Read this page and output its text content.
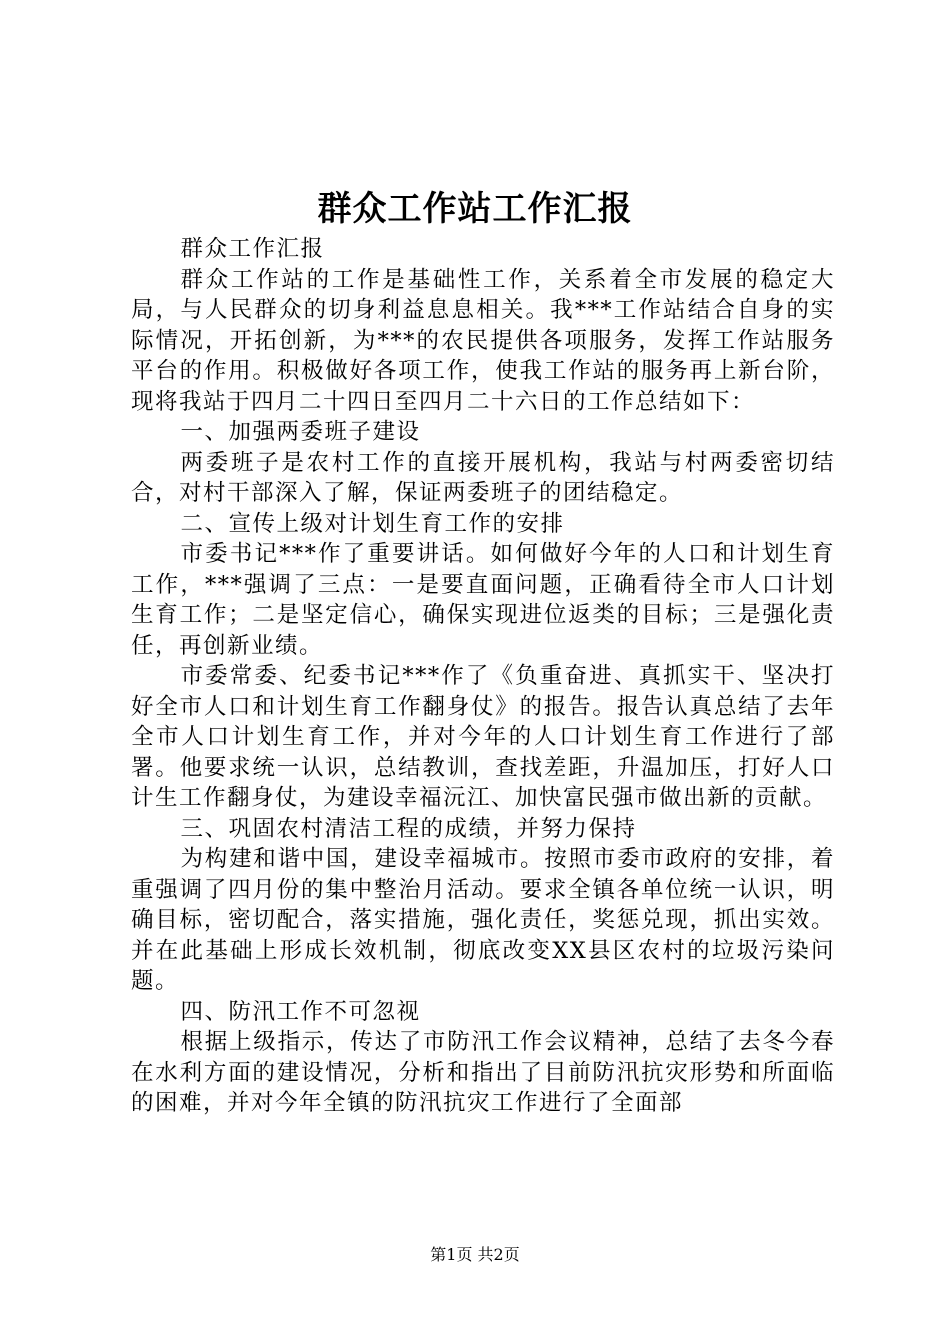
群众工作站工作汇报

群众工作汇报

群众工作站的工作是基础性工作，关系着全市发展的稳定大局，与人民群众的切身利益息息相关。我***工作站结合自身的实际情况，开拓创新，为***的农民提供各项服务，发挥工作站服务平台的作用。积极做好各项工作，使我工作站的服务再上新台阶，现将我站于四月二十四日至四月二十六日的工作总结如下：

一、加强两委班子建设

两委班子是农村工作的直接开展机构，我站与村两委密切结合，对村干部深入了解，保证两委班子的团结稳定。

二、宣传上级对计划生育工作的安排

市委书记***作了重要讲话。如何做好今年的人口和计划生育工作，***强调了三点：一是要直面问题，正确看待全市人口计划生育工作；二是坚定信心，确保实现进位返类的目标；三是强化责任，再创新业绩。

市委常委、纪委书记***作了《负重奋进、真抓实干、坚决打好全市人口和计划生育工作翻身仗》的报告。报告认真总结了去年全市人口计划生育工作，并对今年的人口计划生育工作进行了部署。他要求统一认识，总结教训，查找差距，升温加压，打好人口计生工作翻身仗，为建设幸福沅江、加快富民强市做出新的贡献。

三、巩固农村清洁工程的成绩，并努力保持

为构建和谐中国，建设幸福城市。按照市委市政府的安排，着重强调了四月份的集中整治月活动。要求全镇各单位统一认识，明确目标，密切配合，落实措施，强化责任，奖惩兑现，抓出实效。并在此基础上形成长效机制，彻底改变XX县区农村的垃圾污染问题。

四、防汛工作不可忽视

根据上级指示，传达了市防汛工作会议精神，总结了去冬今春在水利方面的建设情况，分析和指出了目前防汛抗灾形势和所面临的困难，并对今年全镇的防汛抗灾工作进行了全面部

第1页 共2页
